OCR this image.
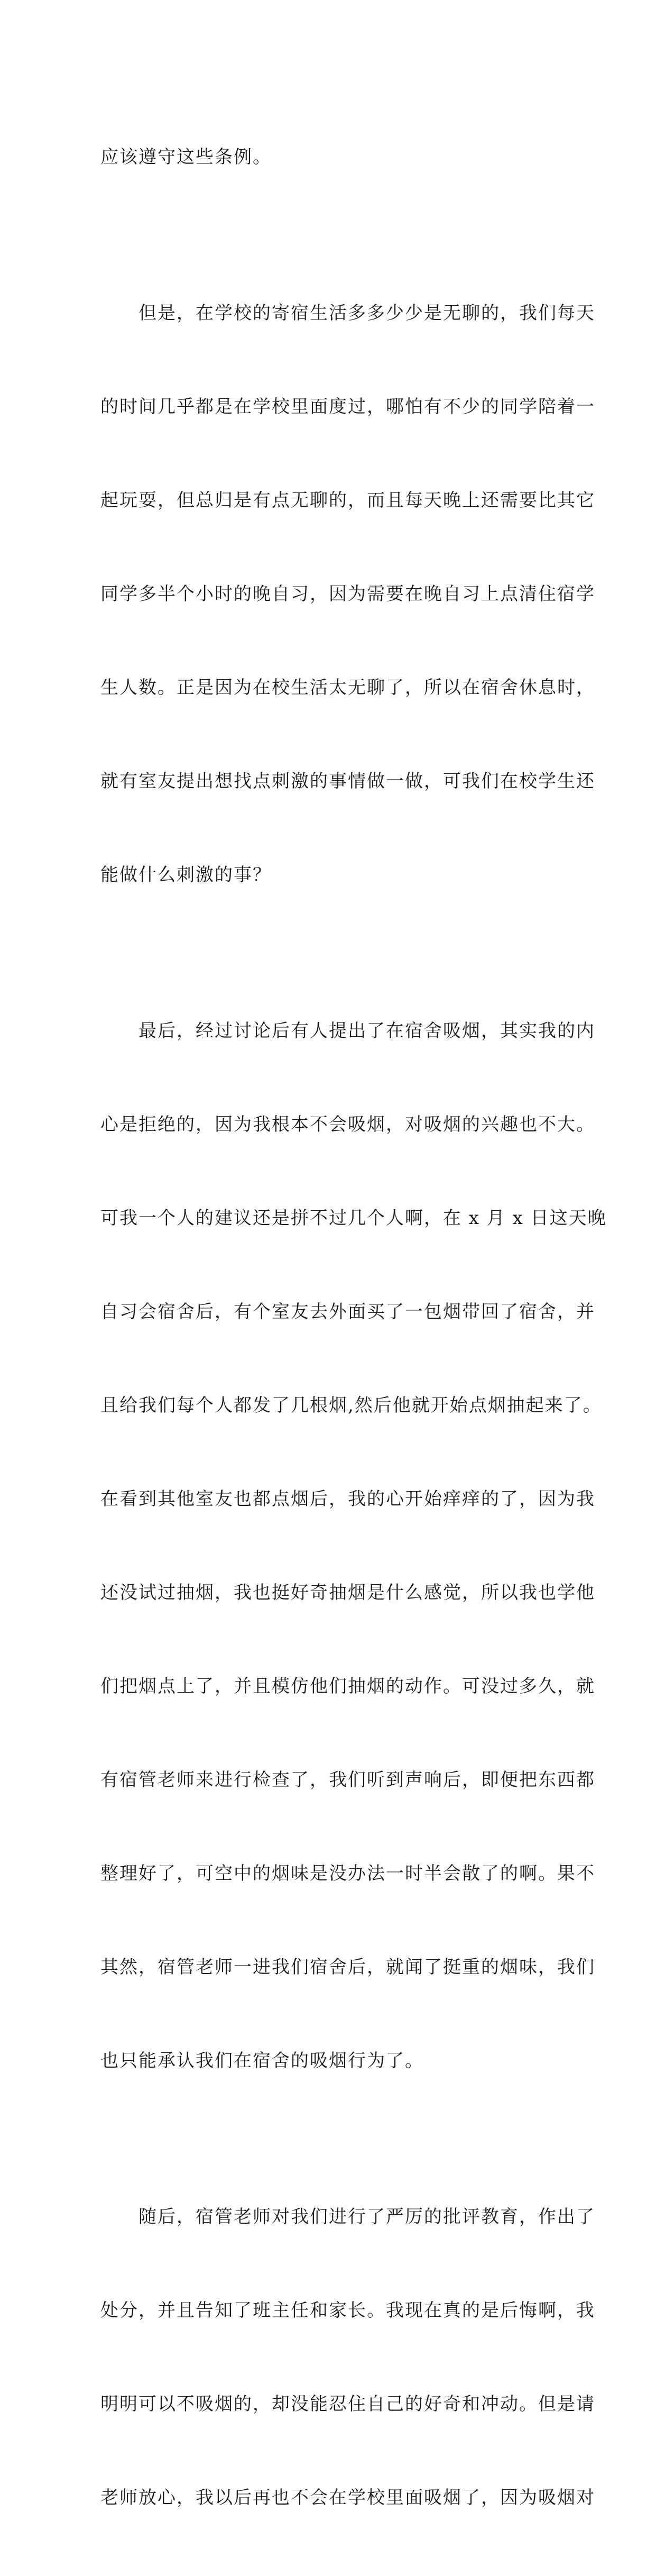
应该遵守这些条例。

　　但是，在学校的寄宿生活多多少少是无聊的，我们每天

的时间几乎都是在学校里面度过，哪怕有不少的同学陪着一

起玩耍，但总归是有点无聊的，而且每天晚上还需要比其它

同学多半个小时的晚自习，因为需要在晚自习上点清住宿学

生人数。正是因为在校生活太无聊了，所以在宿舍休息时，

就有室友提出想找点刺激的事情做一做，可我们在校学生还

能做什么刺激的事？

　　最后，经过讨论后有人提出了在宿舍吸烟，其实我的内

心是拒绝的，因为我根本不会吸烟，对吸烟的兴趣也不大。

可我一个人的建议还是拼不过几个人啊，在 x 月 x 日这天晚

自习会宿舍后，有个室友去外面买了一包烟带回了宿舍，并

且给我们每个人都发了几根烟,然后他就开始点烟抽起来了。

在看到其他室友也都点烟后，我的心开始痒痒的了，因为我

还没试过抽烟，我也挺好奇抽烟是什么感觉，所以我也学他

们把烟点上了，并且模仿他们抽烟的动作。可没过多久，就

有宿管老师来进行检查了，我们听到声响后，即便把东西都

整理好了，可空中的烟味是没办法一时半会散了的啊。果不

其然，宿管老师一进我们宿舍后，就闻了挺重的烟味，我们

也只能承认我们在宿舍的吸烟行为了。

　　随后，宿管老师对我们进行了严厉的批评教育，作出了

处分，并且告知了班主任和家长。我现在真的是后悔啊，我

明明可以不吸烟的，却没能忍住自己的好奇和冲动。但是请

老师放心，我以后再也不会在学校里面吸烟了，因为吸烟对
